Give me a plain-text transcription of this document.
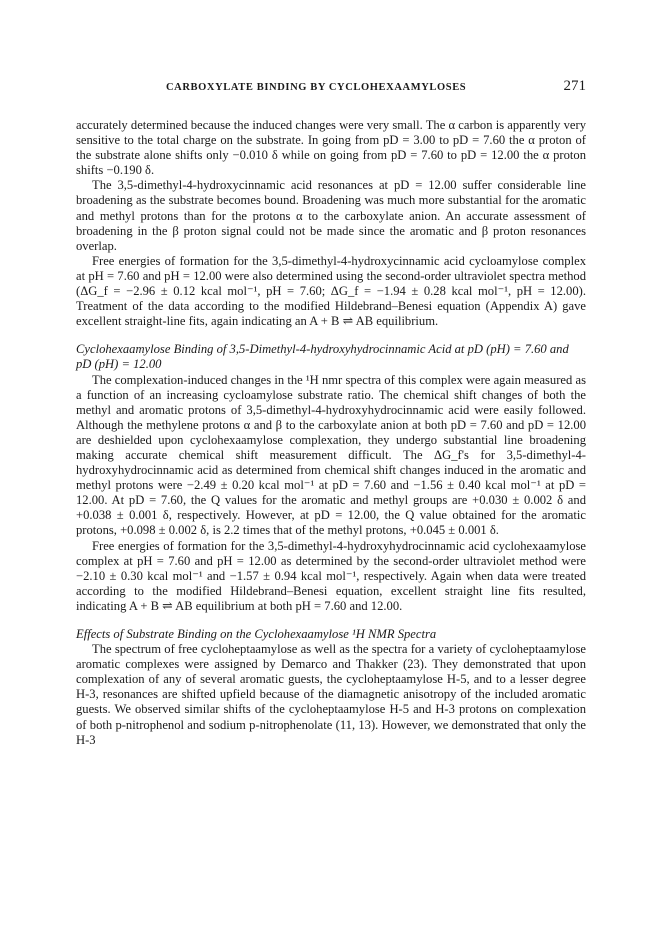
CARBOXYLATE BINDING BY CYCLOHEXAAMYLOSES	271

accurately determined because the induced changes were very small. The α carbon is apparently very sensitive to the total charge on the substrate. In going from pD = 3.00 to pD = 7.60 the α proton of the substrate alone shifts only −0.010 δ while on going from pD = 7.60 to pD = 12.00 the α proton shifts −0.190 δ.

The 3,5-dimethyl-4-hydroxycinnamic acid resonances at pD = 12.00 suffer considerable line broadening as the substrate becomes bound. Broadening was much more substantial for the aromatic and methyl protons than for the protons α to the carboxylate anion. An accurate assessment of broadening in the β proton signal could not be made since the aromatic and β proton resonances overlap.

Free energies of formation for the 3,5-dimethyl-4-hydroxycinnamic acid cycloamylose complex at pH = 7.60 and pH = 12.00 were also determined using the second-order ultraviolet spectra method (ΔG_f = −2.96 ± 0.12 kcal mol⁻¹, pH = 7.60; ΔG_f = −1.94 ± 0.28 kcal mol⁻¹, pH = 12.00). Treatment of the data according to the modified Hildebrand–Benesi equation (Appendix A) gave excellent straight-line fits, again indicating an A + B ⇌ AB equilibrium.

Cyclohexaamylose Binding of 3,5-Dimethyl-4-hydroxyhydrocinnamic Acid at pD (pH) = 7.60 and pD (pH) = 12.00

The complexation-induced changes in the ¹H nmr spectra of this complex were again measured as a function of an increasing cycloamylose substrate ratio. The chemical shift changes of both the methyl and aromatic protons of 3,5-dimethyl-4-hydroxyhydrocinnamic acid were easily followed. Although the methylene protons α and β to the carboxylate anion at both pD = 7.60 and pD = 12.00 are deshielded upon cyclohexaamylose complexation, they undergo substantial line broadening making accurate chemical shift measurement difficult. The ΔG_f's for 3,5-dimethyl-4-hydroxyhydrocinnamic acid as determined from chemical shift changes induced in the aromatic and methyl protons were −2.49 ± 0.20 kcal mol⁻¹ at pD = 7.60 and −1.56 ± 0.40 kcal mol⁻¹ at pD = 12.00. At pD = 7.60, the Q values for the aromatic and methyl groups are +0.030 ± 0.002 δ and +0.038 ± 0.001 δ, respectively. However, at pD = 12.00, the Q value obtained for the aromatic protons, +0.098 ± 0.002 δ, is 2.2 times that of the methyl protons, +0.045 ± 0.001 δ.

Free energies of formation for the 3,5-dimethyl-4-hydroxyhydrocinnamic acid cyclohexaamylose complex at pH = 7.60 and pH = 12.00 as determined by the second-order ultraviolet method were −2.10 ± 0.30 kcal mol⁻¹ and −1.57 ± 0.94 kcal mol⁻¹, respectively. Again when data were treated according to the modified Hildebrand–Benesi equation, excellent straight line fits resulted, indicating A + B ⇌ AB equilibrium at both pH = 7.60 and 12.00.

Effects of Substrate Binding on the Cyclohexaamylose ¹H NMR Spectra

The spectrum of free cycloheptaamylose as well as the spectra for a variety of cycloheptaamylose aromatic complexes were assigned by Demarco and Thakker (23). They demonstrated that upon complexation of any of several aromatic guests, the cycloheptaamylose H-5, and to a lesser degree H-3, resonances are shifted upfield because of the diamagnetic anisotropy of the included aromatic guests. We observed similar shifts of the cycloheptaamylose H-5 and H-3 protons on complexation of both p-nitrophenol and sodium p-nitrophenolate (11, 13). However, we demonstrated that only the H-3
